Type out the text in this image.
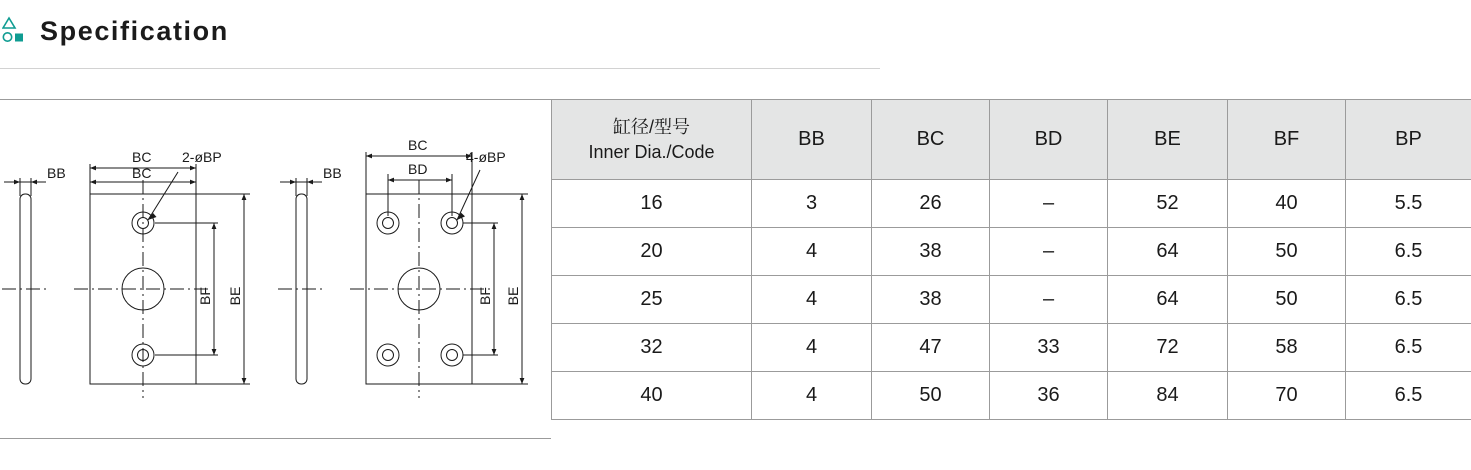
Specification
BB
BC
BC
2-øBP
BF BE
BB
BC
BD
4-øBP
BF BE
缸径/型号
Inner Dia./Code	BB	BC	BD	BE	BF	BP
16	3	26	–	52	40	5.5
20	4	38	–	64	50	6.5
25	4	38	–	64	50	6.5
32	4	47	33	72	58	6.5
40	4	50	36	84	70	6.5
